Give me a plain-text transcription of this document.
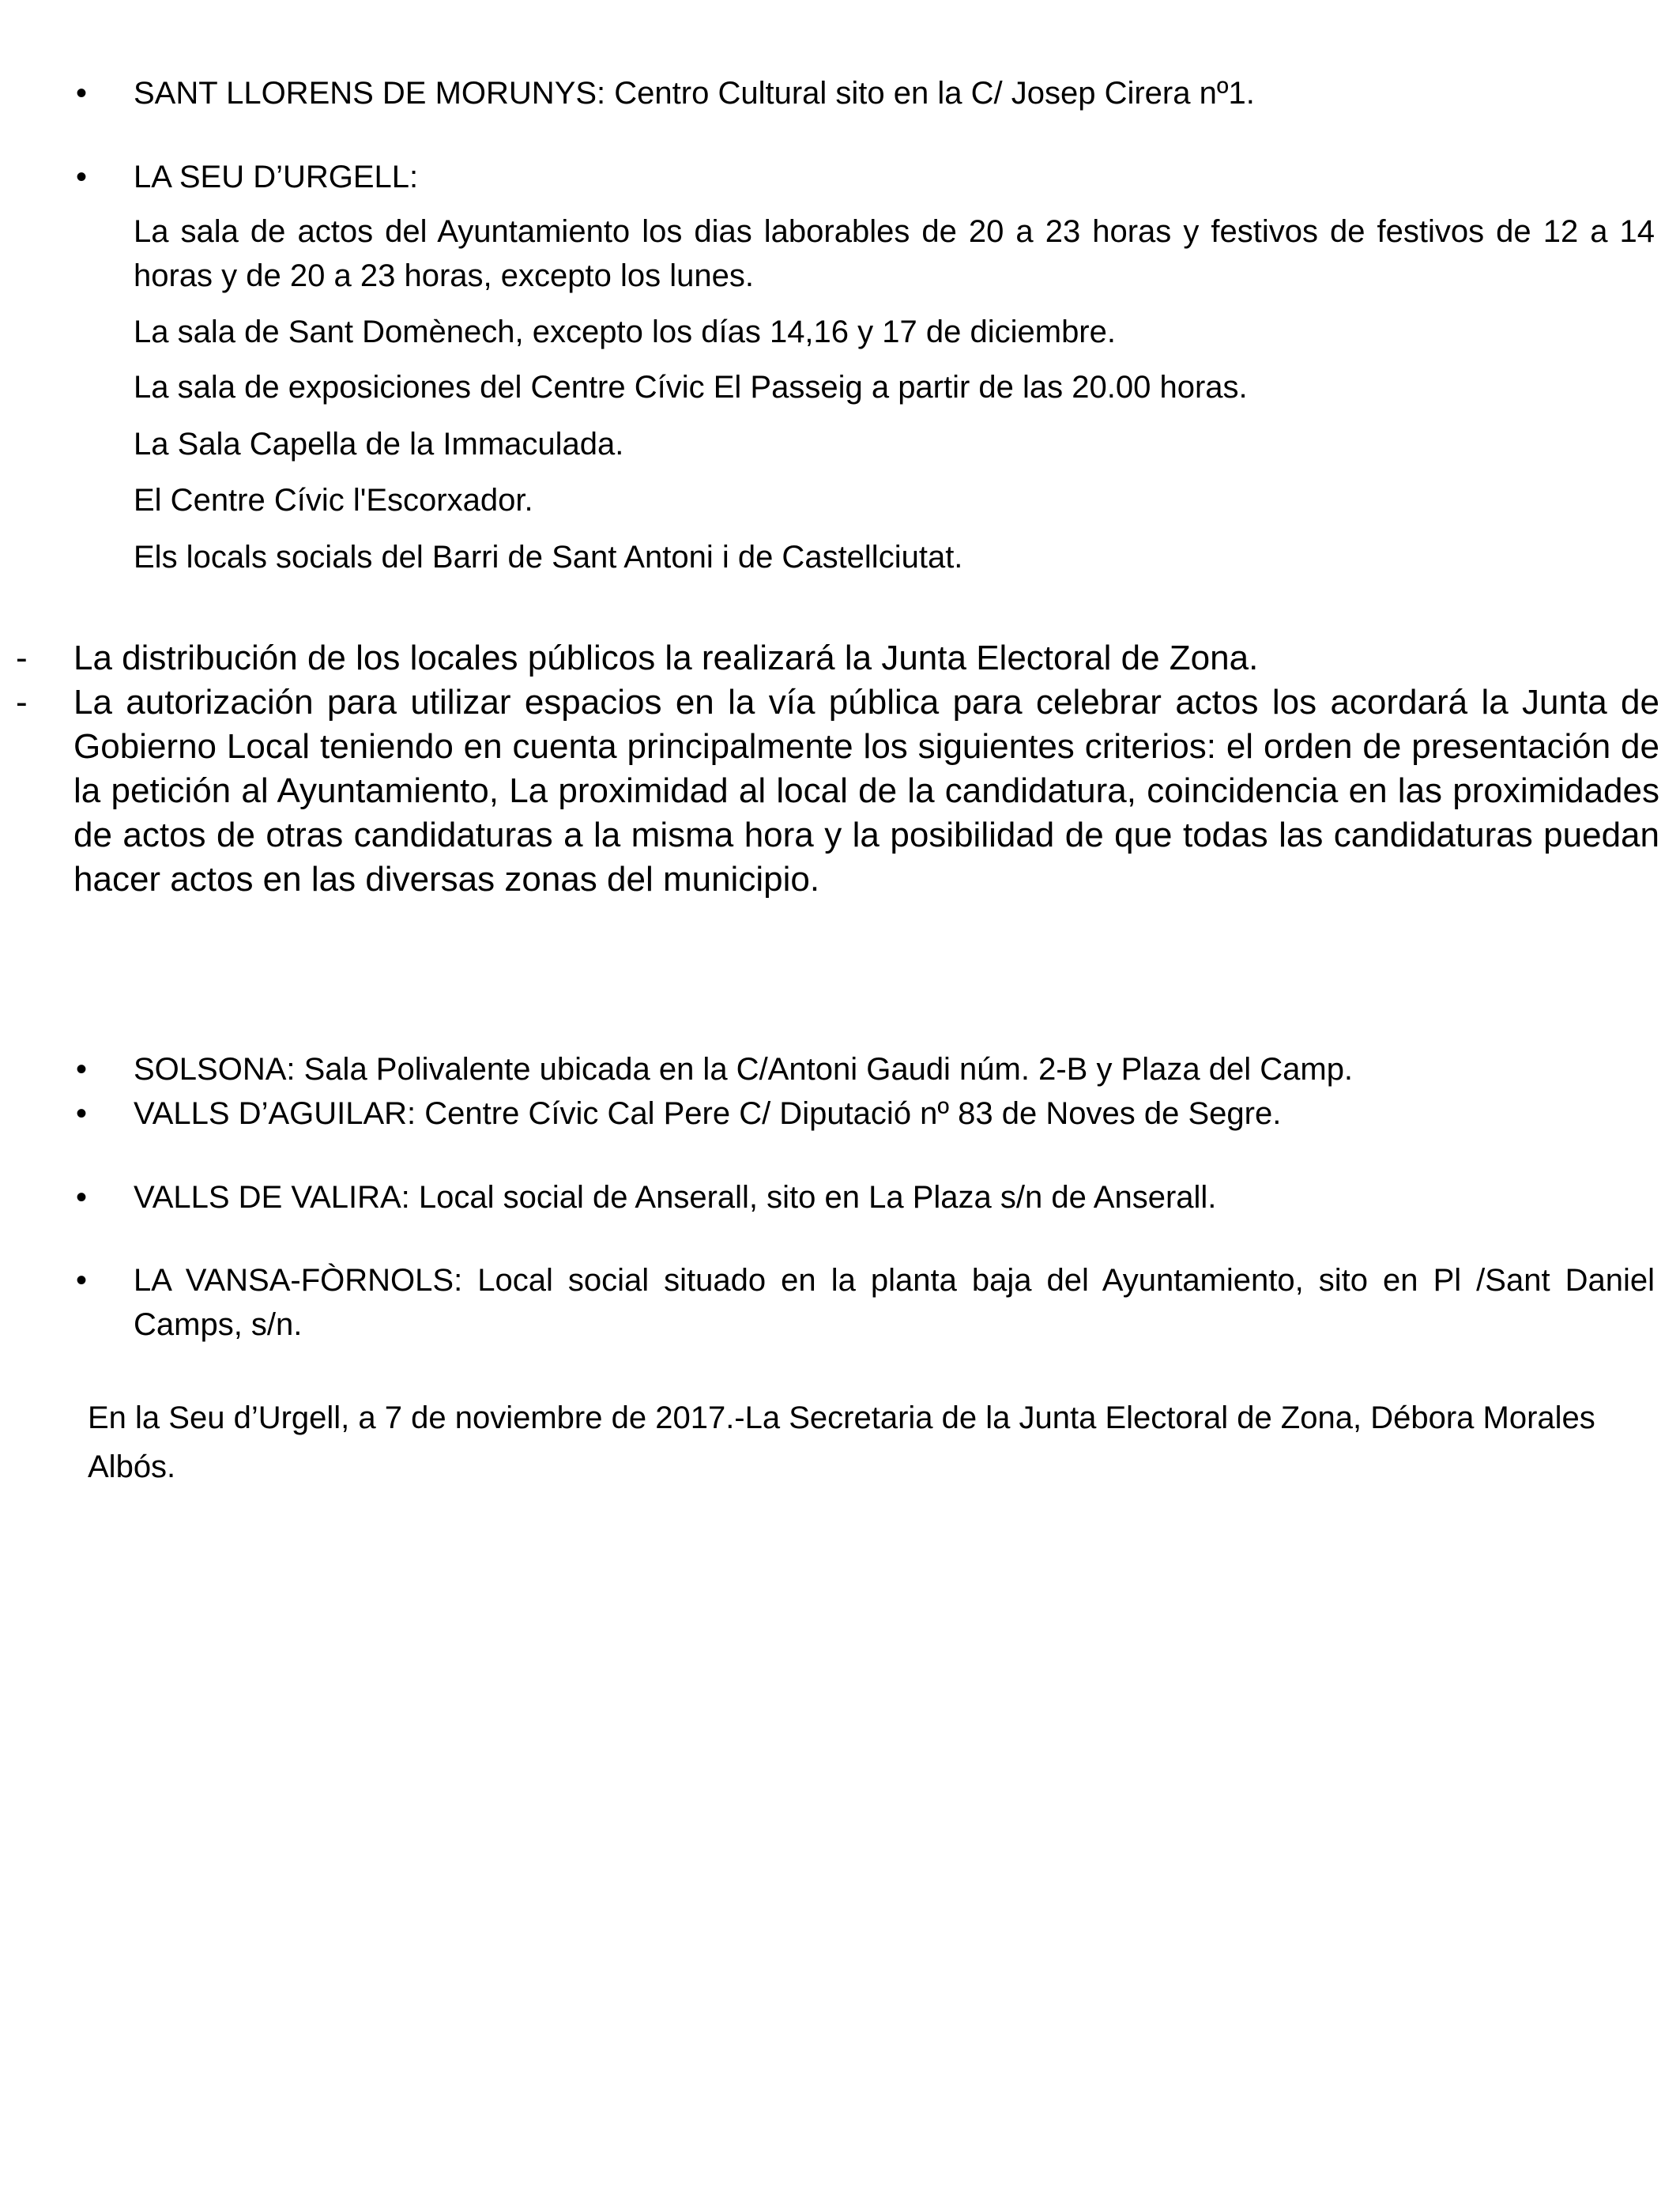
•	SANT LLORENS DE MORUNYS: Centro Cultural sito en la C/ Josep Cirera nº1.
•	LA SEU D’URGELL:
La sala de actos del Ayuntamiento los dias laborables de 20 a 23 horas y festivos de festivos de 12 a 14 horas y de 20 a 23 horas, excepto los lunes.
La sala de Sant Domènech, excepto los días 14,16 y 17 de diciembre.
La sala de exposiciones del Centre Cívic El Passeig a partir de las 20.00 horas.
La Sala Capella de la Immaculada.
El Centre Cívic l'Escorxador.
Els locals socials del Barri de Sant Antoni i de Castellciutat.
-	La distribución de los locales públicos la realizará la Junta Electoral de Zona.
-	La autorización para utilizar espacios en la vía pública para celebrar actos los acordará la Junta de Gobierno Local teniendo en cuenta principalmente los siguientes criterios: el orden de presentación de la petición al Ayuntamiento, La proximidad al local de la candidatura, coincidencia en las proximidades de actos de otras candidaturas a la misma hora y la posibilidad de que todas las candidaturas puedan hacer actos en las diversas zonas del municipio.
•	SOLSONA: Sala Polivalente ubicada en la C/Antoni Gaudi núm. 2-B y Plaza del Camp.
•	VALLS D’AGUILAR: Centre Cívic Cal Pere C/ Diputació nº 83 de Noves de Segre.
•	VALLS DE VALIRA: Local social de Anserall, sito en La Plaza s/n de Anserall.
•	LA VANSA-FÒRNOLS: Local social situado en la planta baja del Ayuntamiento, sito en Pl /Sant Daniel Camps, s/n.
En la Seu d’Urgell, a 7 de noviembre de 2017.-La Secretaria de la Junta Electoral de Zona, Débora Morales Albós.
